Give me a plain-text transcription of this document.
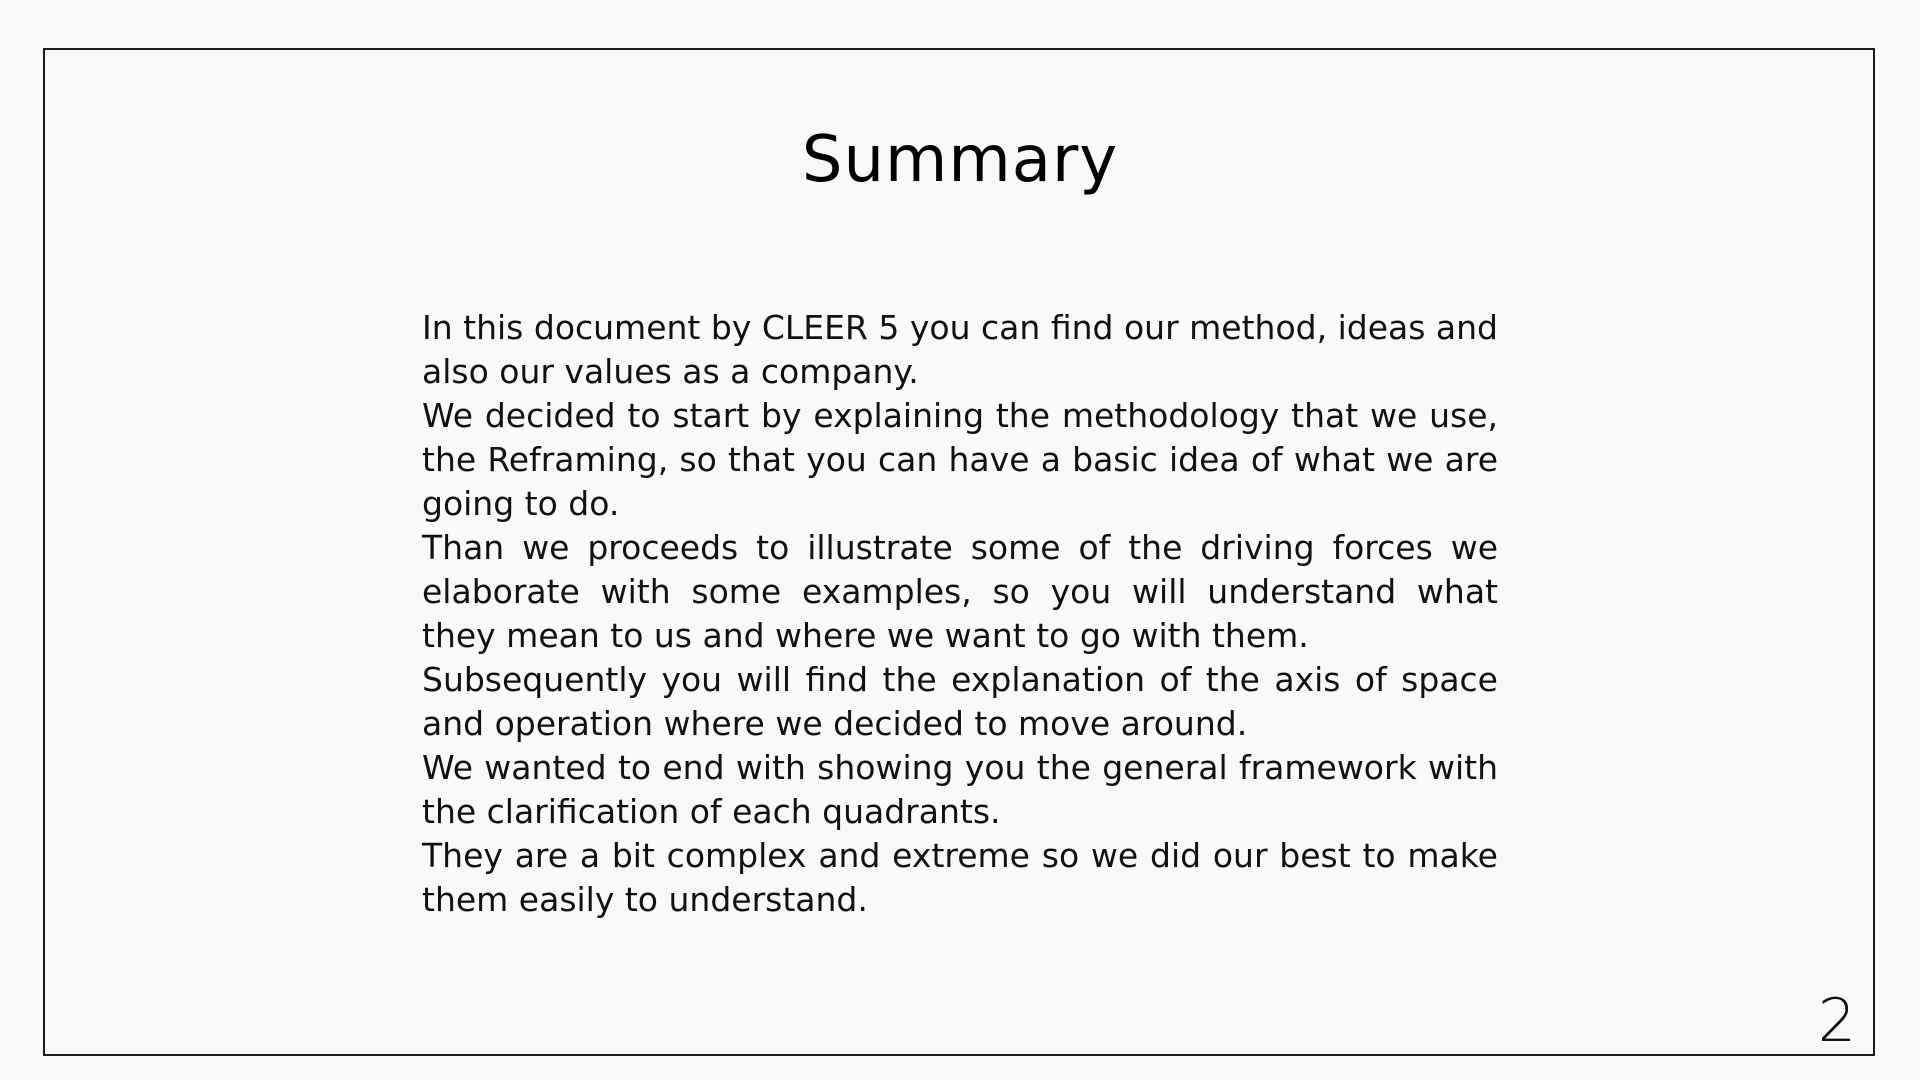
Summary

In this document by CLEER 5 you can find our method, ideas and also our values as a company.

We decided to start by explaining the methodology that we use, the Reframing, so that you can have a basic idea of what we are going to do.

Than we proceeds to illustrate some of the driving forces we elaborate with some examples, so you will understand what they mean to us and where we want to go with them.

Subsequently you will find the explanation of the axis of space and operation where we decided to move around.

We wanted to end with showing you the general framework with the clarification of each quadrants.

They are a bit complex and extreme so we did our best to make them easily to understand.

2
